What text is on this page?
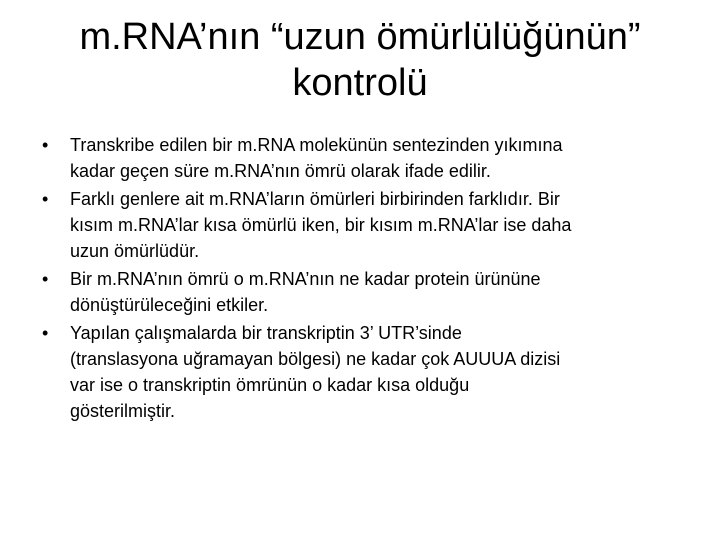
m.RNA’nın “uzun ömürlülüğünün”
kontrolü
• Transkribe edilen bir m.RNA molekünün sentezinden yıkımına
kadar geçen süre m.RNA’nın ömrü olarak ifade edilir.
• Farklı genlere ait m.RNA’ların ömürleri birbirinden farklıdır. Bir
kısım m.RNA’lar kısa ömürlü iken, bir kısım m.RNA’lar ise daha
uzun ömürlüdür.
• Bir m.RNA’nın ömrü o m.RNA’nın ne kadar protein ürününe
dönüştürüleceğini etkiler.
• Yapılan çalışmalarda bir transkriptin 3’ UTR’sinde
(translasyona uğramayan bölgesi) ne kadar çok AUUUA dizisi
var ise o transkriptin ömrünün o kadar kısa olduğu
gösterilmiştir.
